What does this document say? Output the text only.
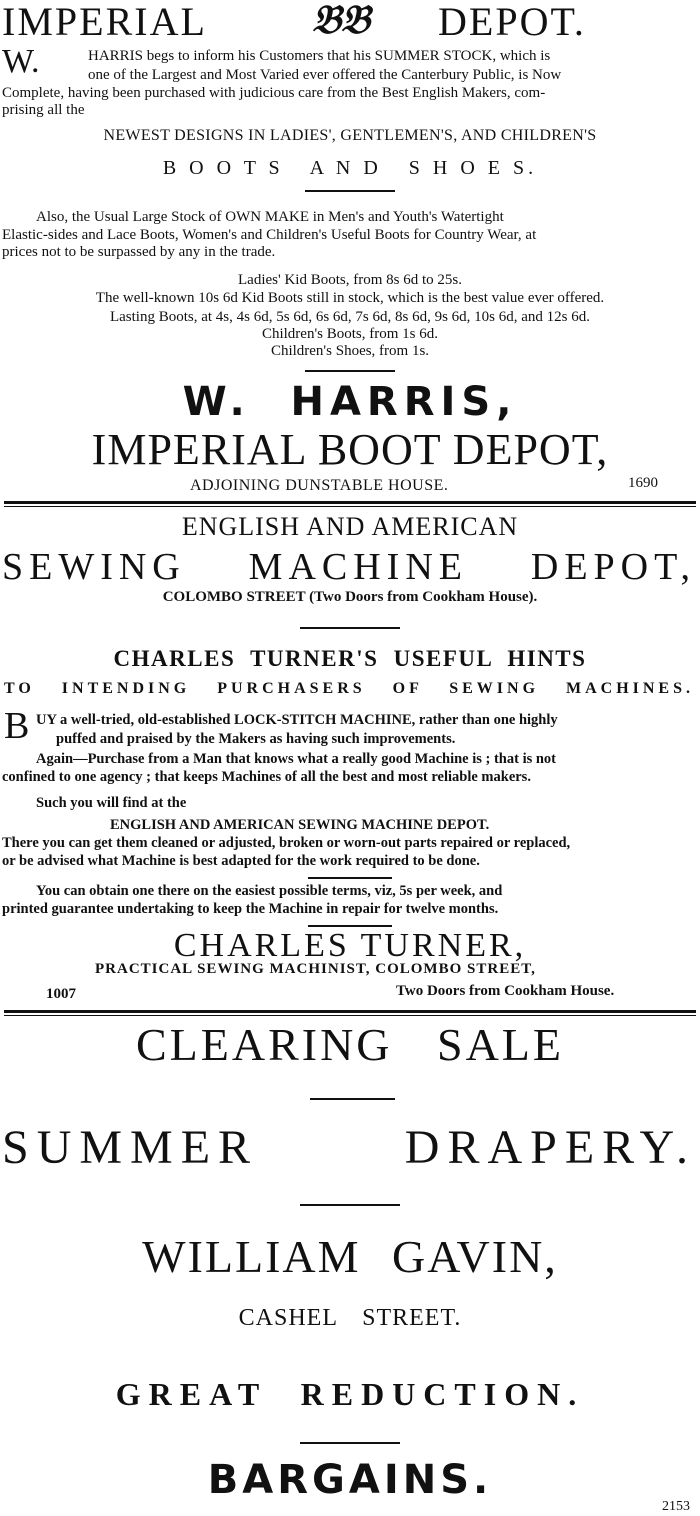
IMPERIAL	𝔅𝔅 DEPOT.
W.	HARRIS begs to inform his Customers that his SUMMER STOCK, which is
one of the Largest and Most Varied ever offered the Canterbury Public, is Now
Complete, having been purchased with judicious care from the Best English Makers, com-
prising all the
NEWEST DESIGNS IN LADIES', GENTLEMEN'S, AND CHILDREN'S
B O O T S   A N D   S H O E S.
Also, the Usual Large Stock of OWN MAKE in Men's and Youth's Watertight
Elastic-sides and Lace Boots, Women's and Children's Useful Boots for Country Wear, at
prices not to be surpassed by any in the trade.
Ladies' Kid Boots, from 8s 6d to 25s.
The well-known 10s 6d Kid Boots still in stock, which is the best value ever offered.
Lasting Boots, at 4s, 4s 6d, 5s 6d, 6s 6d, 7s 6d, 8s 6d, 9s 6d, 10s 6d, and 12s 6d.
Children's Boots, from 1s 6d.
Children's Shoes, from 1s.
W.  HARRIS,
IMPERIAL BOOT DEPOT,
ADJOINING DUNSTABLE HOUSE.	1690
ENGLISH AND AMERICAN
SEWING MACHINE DEPOT,
COLOMBO STREET (Two Doors from Cookham House).
CHARLES TURNER'S USEFUL HINTS
TO INTENDING PURCHASERS OF SEWING MACHINES.
B UY a well-tried, old-established LOCK-STITCH MACHINE, rather than one highly
puffed and praised by the Makers as having such improvements.
Again—Purchase from a Man that knows what a really good Machine is ; that is not
confined to one agency ; that keeps Machines of all the best and most reliable makers.
Such you will find at the
ENGLISH AND AMERICAN SEWING MACHINE DEPOT.
There you can get them cleaned or adjusted, broken or worn-out parts repaired or replaced,
or be advised what Machine is best adapted for the work required to be done.
You can obtain one there on the easiest possible terms, viz, 5s per week, and
printed guarantee undertaking to keep the Machine in repair for twelve months.
CHARLES TURNER,
PRACTICAL SEWING MACHINIST, COLOMBO STREET,
1007	Two Doors from Cookham House.
CLEARING SALE
SUMMER DRAPERY.
WILLIAM GAVIN,
CASHEL STREET.
GREAT REDUCTION.
BARGAINS.
2153
